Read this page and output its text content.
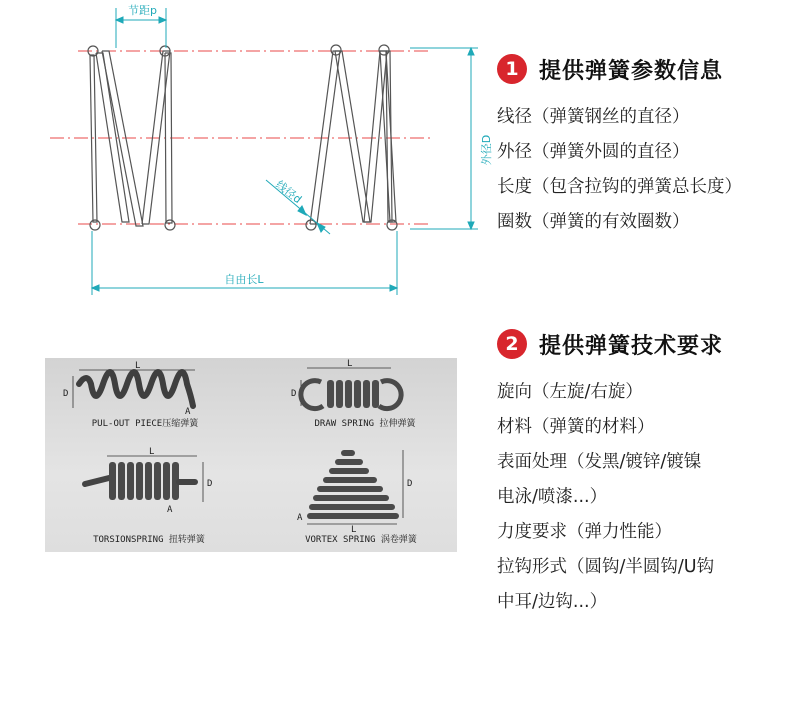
节距p
外径D
自由长L
线径d
L
D
A
PUL-OUT PIECE压缩弹簧
L
D
DRAW SPRING 拉伸弹簧
L
D
A
TORSIONSPRING 扭转弹簧
D
A
L
VORTEX SPRING 涡卷弹簧
1 提供弹簧参数信息
线径（弹簧钢丝的直径）
外径（弹簧外圆的直径）
长度（包含拉钩的弹簧总长度）
圈数（弹簧的有效圈数）
2 提供弹簧技术要求
旋向（左旋/右旋）
材料（弹簧的材料）
表面处理（发黑/镀锌/镀镍
电泳/喷漆...）
力度要求（弹力性能）
拉钩形式（圆钩/半圆钩/U钩
中耳/边钩...）
